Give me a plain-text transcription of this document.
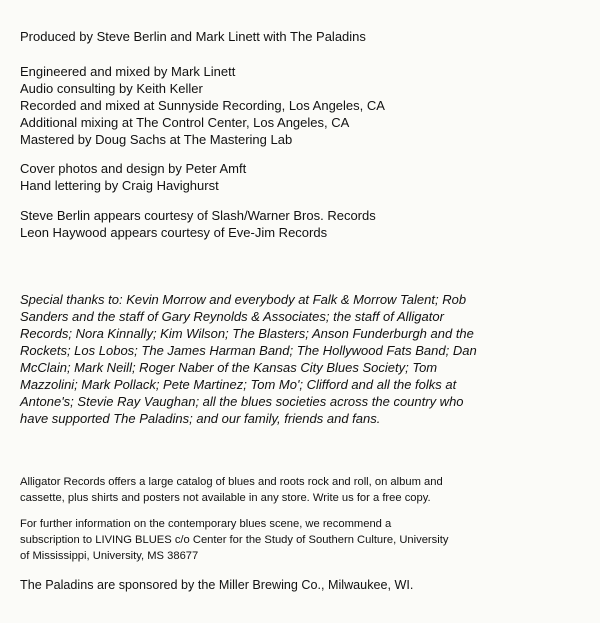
Produced by Steve Berlin and Mark Linett with The Paladins

Engineered and mixed by Mark Linett

Audio consulting by Keith Keller

Recorded and mixed at Sunnyside Recording, Los Angeles, CA

Additional mixing at The Control Center, Los Angeles, CA

Mastered by Doug Sachs at The Mastering Lab

Cover photos and design by Peter Amft

Hand lettering by Craig Havighurst

Steve Berlin appears courtesy of Slash/Warner Bros. Records

Leon Haywood appears courtesy of Eve-Jim Records

Special thanks to: Kevin Morrow and everybody at Falk & Morrow Talent; Rob

Sanders and the staff of Gary Reynolds & Associates; the staff of Alligator

Records; Nora Kinnally; Kim Wilson; The Blasters; Anson Funderburgh and the

Rockets; Los Lobos; The James Harman Band; The Hollywood Fats Band; Dan

McClain; Mark Neill; Roger Naber of the Kansas City Blues Society; Tom

Mazzolini; Mark Pollack; Pete Martinez; Tom Mo'; Clifford and all the folks at

Antone's; Stevie Ray Vaughan; all the blues societies across the country who

have supported The Paladins; and our family, friends and fans.

Alligator Records offers a large catalog of blues and roots rock and roll, on album and

cassette, plus shirts and posters not available in any store. Write us for a free copy.

For further information on the contemporary blues scene, we recommend a

subscription to LIVING BLUES c/o Center for the Study of Southern Culture, University

of Mississippi, University, MS 38677

The Paladins are sponsored by the Miller Brewing Co., Milwaukee, WI.
